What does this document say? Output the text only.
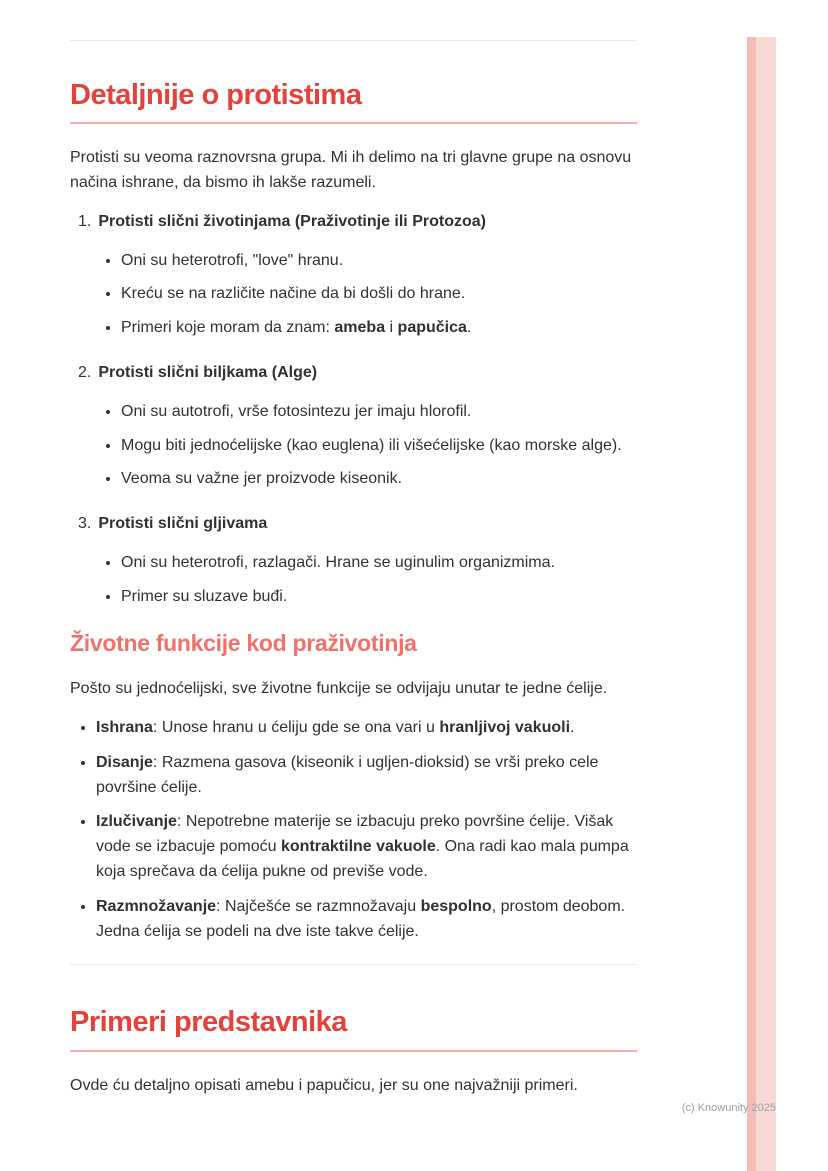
Detaljnije o protistima

Protisti su veoma raznovrsna grupa. Mi ih delimo na tri glavne grupe na osnovu načina ishrane, da bismo ih lakše razumeli.

1. Protisti slični životinjama (Praživotinje ili Protozoa)
• Oni su heterotrofi, "love" hranu.
• Kreću se na različite načine da bi došli do hrane.
• Primeri koje moram da znam: ameba i papučica.
2. Protisti slični biljkama (Alge)
• Oni su autotrofi, vrše fotosintezu jer imaju hlorofil.
• Mogu biti jednoćelijske (kao euglena) ili višećelijske (kao morske alge).
• Veoma su važne jer proizvode kiseonik.
3. Protisti slični gljivama
• Oni su heterotrofi, razlagači. Hrane se uginulim organizmima.
• Primer su sluzave buđi.
Životne funkcije kod praživotinja

Pošto su jednoćelijski, sve životne funkcije se odvijaju unutar te jedne ćelije.

• Ishrana: Unose hranu u ćeliju gde se ona vari u hranljivoj vakuoli.
• Disanje: Razmena gasova (kiseonik i ugljen-dioksid) se vrši preko cele površine ćelije.
• Izlučivanje: Nepotrebne materije se izbacuju preko površine ćelije. Višak vode se izbacuje pomoću kontraktilne vakuole. Ona radi kao mala pumpa koja sprečava da ćelija pukne od previše vode.
• Razmnožavanje: Najčešće se razmnožavaju bespolno, prostom deobom. Jedna ćelija se podeli na dve iste takve ćelije.
Primeri predstavnika

Ovde ću detaljno opisati amebu i papučicu, jer su one najvažniji primeri.

(c) Knowunity 2025
